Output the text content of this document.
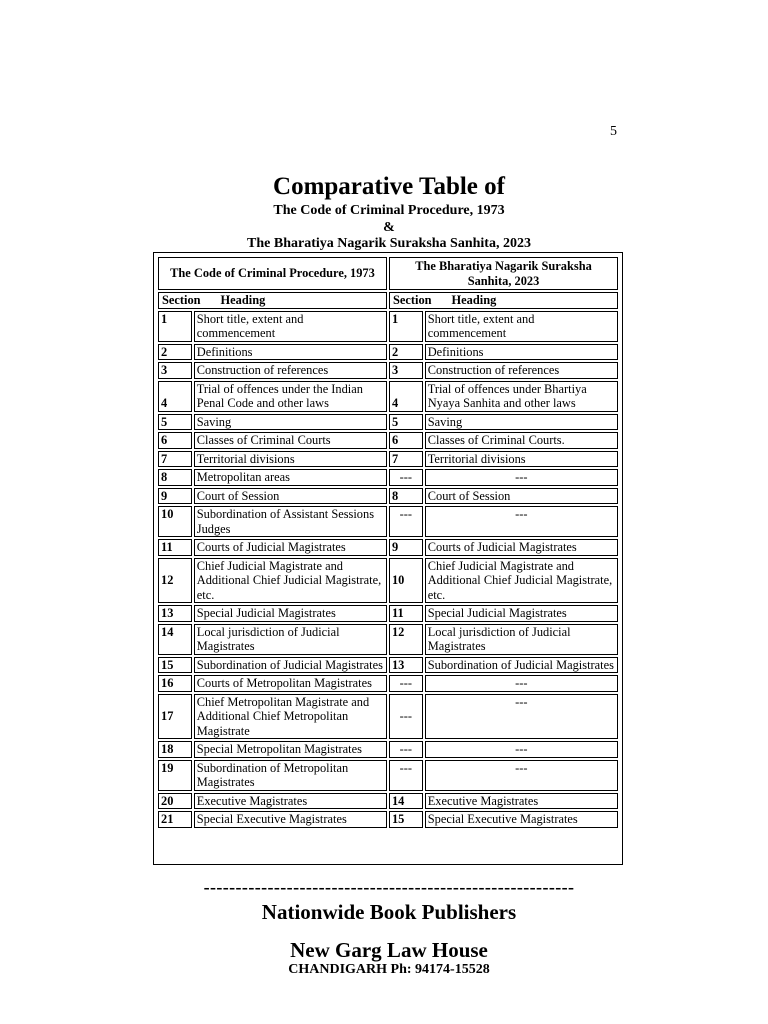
5
Comparative Table of
The Code of Criminal Procedure, 1973
&
The Bharatiya Nagarik Suraksha Sanhita, 2023
The Code of Criminal Procedure, 1973		The Bharatiya Nagarik Suraksha Sanhita, 2023	
Section Heading		Section Heading	
1	Short title, extent and commencement	1	Short title, extent and commencement
2	Definitions	2	Definitions
3	Construction of references	3	Construction of references
4	Trial of offences under the Indian Penal Code and other laws	4	Trial of offences under Bhartiya Nyaya Sanhita and other laws
5	Saving	5	Saving
6	Classes of Criminal Courts	6	Classes of Criminal Courts.
7	Territorial divisions	7	Territorial divisions
8	Metropolitan areas	---	---
9	Court of Session	8	Court of Session
10	Subordination of Assistant Sessions Judges	---	---
11	Courts of Judicial Magistrates	9	Courts of Judicial Magistrates
12	Chief Judicial Magistrate and Additional Chief Judicial Magistrate, etc.	10	Chief Judicial Magistrate and Additional Chief Judicial Magistrate, etc.
13	Special Judicial Magistrates	11	Special Judicial Magistrates
14	Local jurisdiction of Judicial Magistrates	12	Local jurisdiction of Judicial Magistrates
15	Subordination of Judicial Magistrates	13	Subordination of Judicial Magistrates
16	Courts of Metropolitan Magistrates	---	---
17	Chief Metropolitan Magistrate and Additional Chief Metropolitan Magistrate	---	---
18	Special Metropolitan Magistrates	---	---
19	Subordination of Metropolitan Magistrates	---	---
20	Executive Magistrates	14	Executive Magistrates
21	Special Executive Magistrates	15	Special Executive Magistrates
----------------------------------------------------------
Nationwide Book Publishers
New Garg Law House
CHANDIGARH Ph: 94174-15528
